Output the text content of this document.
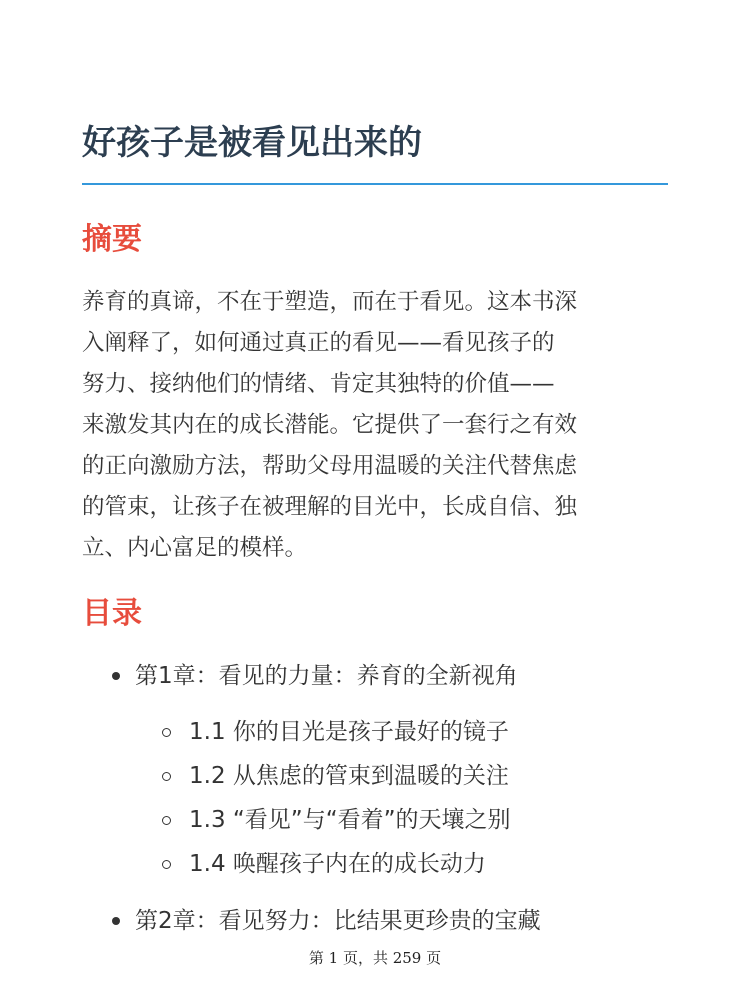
好孩子是被看见出来的
摘要

养育的真谛，不在于塑造，而在于看见。这本书深
入阐释了，如何通过真正的看见——看见孩子的
努力、接纳他们的情绪、肯定其独特的价值——
来激发其内在的成长潜能。它提供了一套行之有效
的正向激励方法，帮助父母用温暖的关注代替焦虑
的管束，让孩子在被理解的目光中，长成自信、独
立、内心富足的模样。

目录
第1章：看见的力量：养育的全新视角
1.1 你的目光是孩子最好的镜子
1.2 从焦虑的管束到温暖的关注
1.3 “看见”与“看着”的天壤之别
1.4 唤醒孩子内在的成长动力
第2章：看见努力：比结果更珍贵的宝藏
第 1 页，共 259 页
